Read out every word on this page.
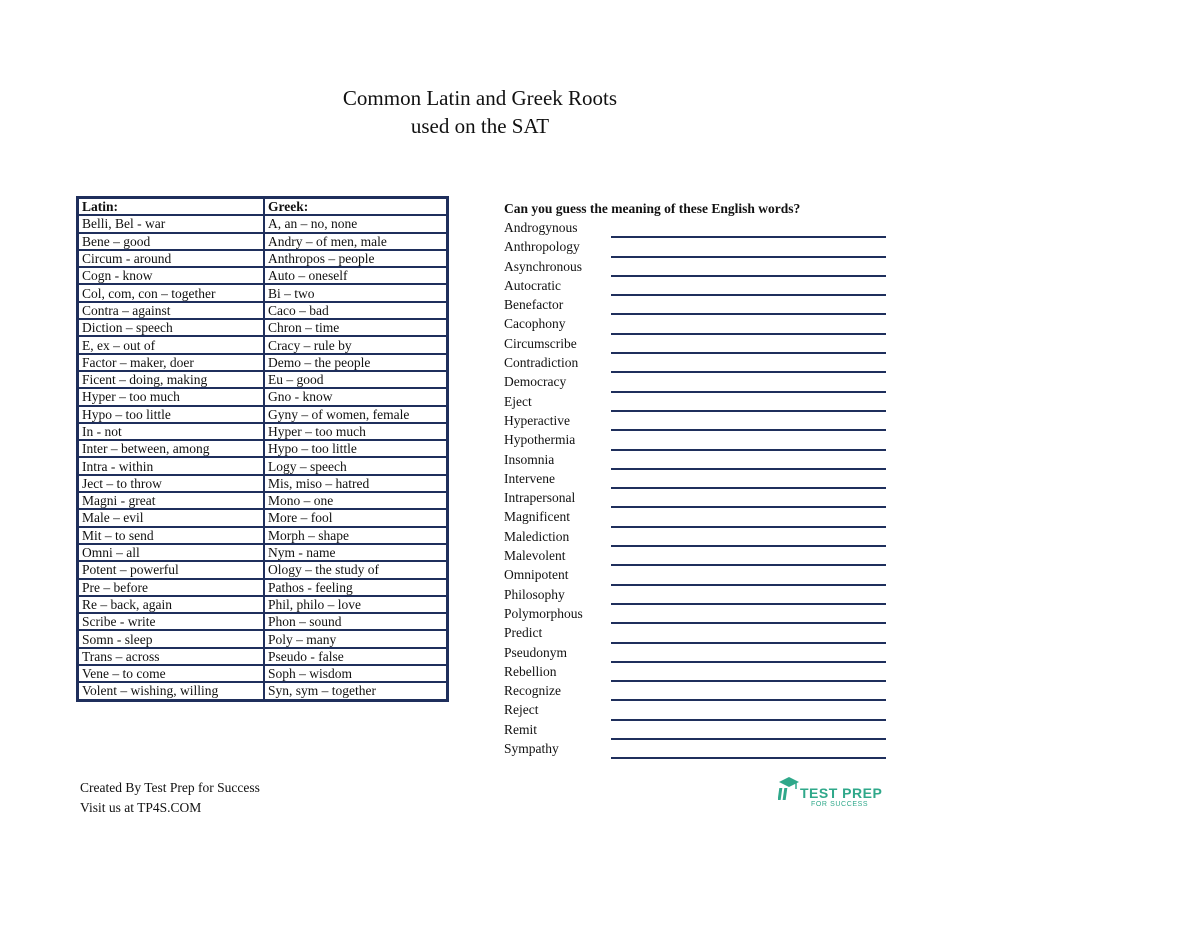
Common Latin and Greek Roots
used on the SAT
Latin:	Greek:
Belli, Bel - war	A, an – no, none
Bene – good	Andry – of men, male
Circum - around	Anthropos – people
Cogn - know	Auto – oneself
Col, com, con – together	Bi – two
Contra – against	Caco – bad
Diction – speech	Chron – time
E, ex – out of	Cracy – rule by
Factor – maker, doer	Demo – the people
Ficent – doing, making	Eu – good
Hyper – too much	Gno - know
Hypo – too little	Gyny – of women, female
In - not	Hyper – too much
Inter – between, among	Hypo – too little
Intra - within	Logy – speech
Ject – to throw	Mis, miso – hatred
Magni - great	Mono – one
Male – evil	More – fool
Mit – to send	Morph – shape
Omni – all	Nym - name
Potent – powerful	Ology – the study of
Pre – before	Pathos - feeling
Re – back, again	Phil, philo – love
Scribe - write	Phon – sound
Somn - sleep	Poly – many
Trans – across	Pseudo - false
Vene – to come	Soph – wisdom
Volent – wishing, willing	Syn, sym – together
Can you guess the meaning of these English words?
Androgynous
Anthropology
Asynchronous
Autocratic
Benefactor
Cacophony
Circumscribe
Contradiction
Democracy
Eject
Hyperactive
Hypothermia
Insomnia
Intervene
Intrapersonal
Magnificent
Malediction
Malevolent
Omnipotent
Philosophy
Polymorphous
Predict
Pseudonym
Rebellion
Recognize
Reject
Remit
Sympathy
Created By Test Prep for Success
Visit us at TP4S.COM
TEST PREP
FOR SUCCESS
